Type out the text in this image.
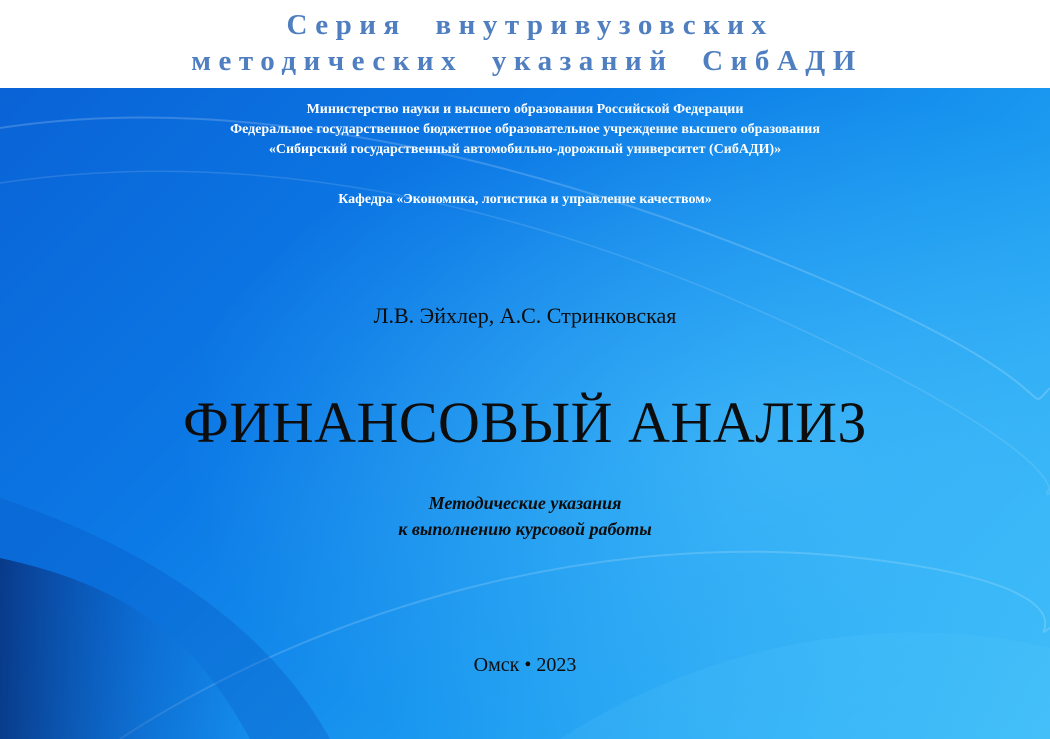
Серия внутривузовских
методических указаний СибАДИ
Министерство науки и высшего образования Российской Федерации
Федеральное государственное бюджетное образовательное учреждение высшего образования
«Сибирский государственный автомобильно-дорожный университет (СибАДИ)»
Кафедра «Экономика, логистика и управление качеством»
Л.В. Эйхлер, А.С. Стринковская
ФИНАНСОВЫЙ АНАЛИЗ
Методические указания
к выполнению курсовой работы
Омск • 2023
